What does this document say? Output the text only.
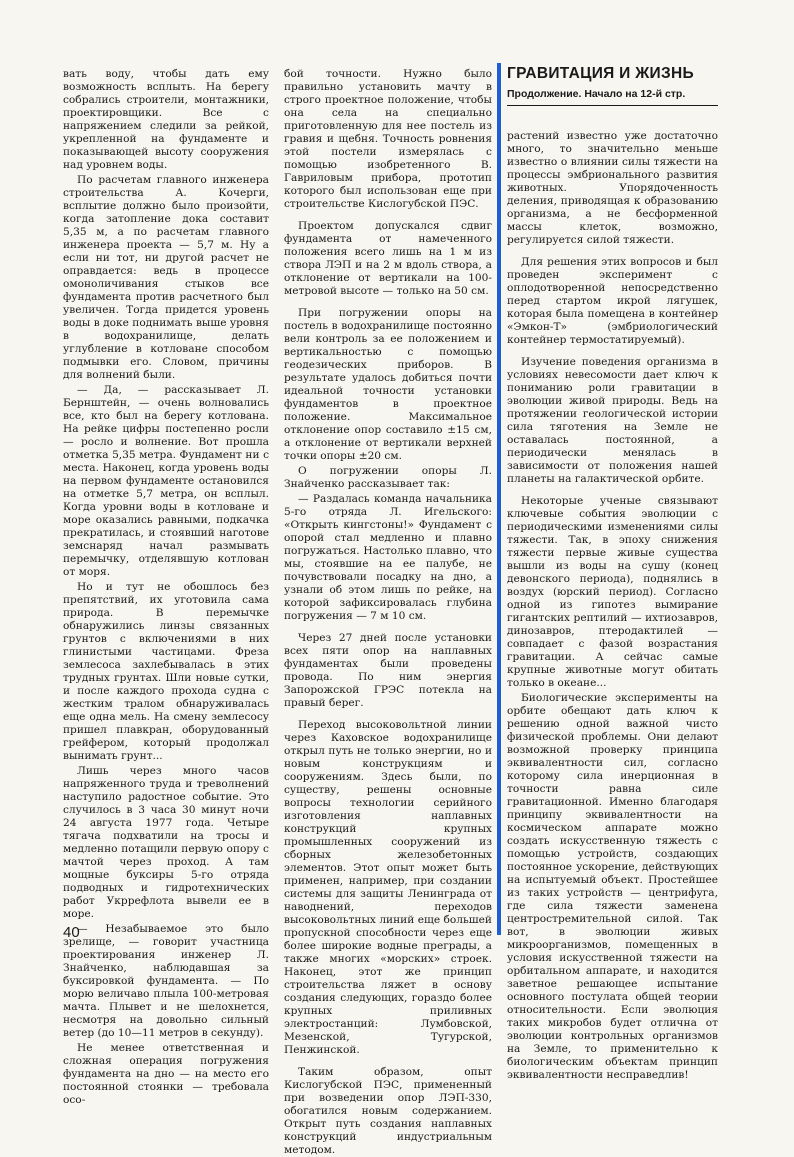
вать воду, чтобы дать ему возможность всплыть. На берегу собрались строители, монтажники, проектировщики. Все с напряжением следили за рейкой, укрепленной на фундаменте и показывающей высоту сооружения над уровнем воды.

По расчетам главного инженера строительства А. Кочерги, всплытие должно было произойти, когда затопление дока составит 5,35 м, а по расчетам главного инженера проекта — 5,7 м. Ну а если ни тот, ни другой расчет не оправдается: ведь в процессе омоноличивания стыков все фундамента против расчетного был увеличен. Тогда придется уровень воды в доке поднимать выше уровня в водохранилище, делать углубление в котловане способом подмывки его. Словом, причины для волнений были.

— Да, — рассказывает Л. Бернштейн, — очень волновались все, кто был на берегу котлована. На рейке цифры постепенно росли — росло и волнение. Вот прошла отметка 5,35 метра. Фундамент ни с места. Наконец, когда уровень воды на первом фундаменте остановился на отметке 5,7 метра, он всплыл. Когда уровни воды в котловане и море оказались равными, подкачка прекратилась, и стоявший наготове земснаряд начал размывать перемычку, отделявшую котлован от моря.

Но и тут не обошлось без препятствий, их уготовила сама природа. В перемычке обнаружились линзы связанных грунтов с включениями в них глинистыми частицами. Фреза землесоса захлебывалась в этих трудных грунтах. Шли новые сутки, и после каждого прохода судна с жестким тралом обнаруживалась еще одна мель. На смену землесосу пришел плавкран, оборудованный грейфером, который продолжал вынимать грунт...

Лишь через много часов напряженного труда и треволнений наступило радостное событие. Это случилось в 3 часа 30 минут ночи 24 августа 1977 года. Четыре тягача подхватили на тросы и медленно потащили первую опору с мачтой через проход. А там мощные буксиры 5-го отряда подводных и гидротехнических работ Укррефлота вывели ее в море.

— Незабываемое это было зрелище, — говорит участница проектирования инженер Л. Знайченко, наблюдавшая за буксировкой фундамента. — По морю величаво плыла 100-метровая мачта. Плывет и не шелохнется, несмотря на довольно сильный ветер (до 10—11 метров в секунду).

Не менее ответственная и сложная операция погружения фундамента на дно — на место его постоянной стоянки — требовала осо-

бой точности. Нужно было правильно установить мачту в строго проектное положение, чтобы она села на специально приготовленную для нее постель из гравия и щебня. Точность ровнения этой постели измерялась с помощью изобретенного В. Гавриловым прибора, прототип которого был использован еще при строительстве Кислогубской ПЭС.

Проектом допускался сдвиг фундамента от намеченного положения всего лишь на 1 м из створа ЛЭП и на 2 м вдоль створа, а отклонение от вертикали на 100-метровой высоте — только на 50 см.

При погружении опоры на постель в водохранилище постоянно вели контроль за ее положением и вертикальностью с помощью геодезических приборов. В результате удалось добиться почти идеальной точности установки фундаментов в проектное положение. Максимальное отклонение опор составило ±15 см, а отклонение от вертикали верхней точки опоры ±20 см.

О погружении опоры Л. Знайченко рассказывает так:

— Раздалась команда начальника 5-го отряда Л. Игельского: «Открыть кингстоны!» Фундамент с опорой стал медленно и плавно погружаться. Настолько плавно, что мы, стоявшие на ее палубе, не почувствовали посадку на дно, а узнали об этом лишь по рейке, на которой зафиксировалась глубина погружения — 7 м 10 см.

Через 27 дней после установки всех пяти опор на наплавных фундаментах были проведены провода. По ним энергия Запорожской ГРЭС потекла на правый берег.

Переход высоковольтной линии через Каховское водохранилище открыл путь не только энергии, но и новым конструкциям и сооружениям. Здесь были, по существу, решены основные вопросы технологии серийного изготовления наплавных конструкций крупных промышленных сооружений из сборных железобетонных элементов. Этот опыт может быть применен, например, при создании системы для защиты Ленинграда от наводнений, переходов высоковольтных линий еще большей пропускной способности через еще более широкие водные преграды, а также многих «морских» строек. Наконец, этот же принцип строительства ляжет в основу создания следующих, гораздо более крупных приливных электростанций: Лумбовской, Мезенской, Тугурской, Пенжинской.

Таким образом, опыт Кислогубской ПЭС, примененный при возведении опор ЛЭП-330, обогатился новым содержанием. Открыт путь создания наплавных конструкций индустриальным методом.

ГРАВИТАЦИЯ И ЖИЗНЬ
Продолжение. Начало на 12-й стр.

растений известно уже достаточно много, то значительно меньше известно о влиянии силы тяжести на процессы эмбрионального развития животных. Упорядоченность деления, приводящая к образованию организма, а не бесформенной массы клеток, возможно, регулируется силой тяжести.

Для решения этих вопросов и был проведен эксперимент с оплодотворенной непосредственно перед стартом икрой лягушек, которая была помещена в контейнер «Эмкон-Т» (эмбриологический контейнер термостатируемый).

Изучение поведения организма в условиях невесомости дает ключ к пониманию роли гравитации в эволюции живой природы. Ведь на протяжении геологической истории сила тяготения на Земле не оставалась постоянной, а периодически менялась в зависимости от положения нашей планеты на галактической орбите.

Некоторые ученые связывают ключевые события эволюции с периодическими изменениями силы тяжести. Так, в эпоху снижения тяжести первые живые существа вышли из воды на сушу (конец девонского периода), поднялись в воздух (юрский период). Согласно одной из гипотез вымирание гигантских рептилий — ихтиозавров, динозавров, птеродактилей — совпадает с фазой возрастания гравитации. А сейчас самые крупные животные могут обитать только в океане...

Биологические эксперименты на орбите обещают дать ключ к решению одной важной чисто физической проблемы. Они делают возможной проверку принципа эквивалентности сил, согласно которому сила инерционная в точности равна силе гравитационной. Именно благодаря принципу эквивалентности на космическом аппарате можно создать искусственную тяжесть с помощью устройств, создающих постоянное ускорение, действующих на испытуемый объект. Простейшее из таких устройств — центрифуга, где сила тяжести заменена центростремительной силой. Так вот, в эволюции живых микроорганизмов, помещенных в условия искусственной тяжести на орбитальном аппарате, и находится заветное решающее испытание основного постулата общей теории относительности. Если эволюция таких микробов будет отлична от эволюции контрольных организмов на Земле, то применительно к биологическим объектам принцип эквивалентности несправедлив!

40
